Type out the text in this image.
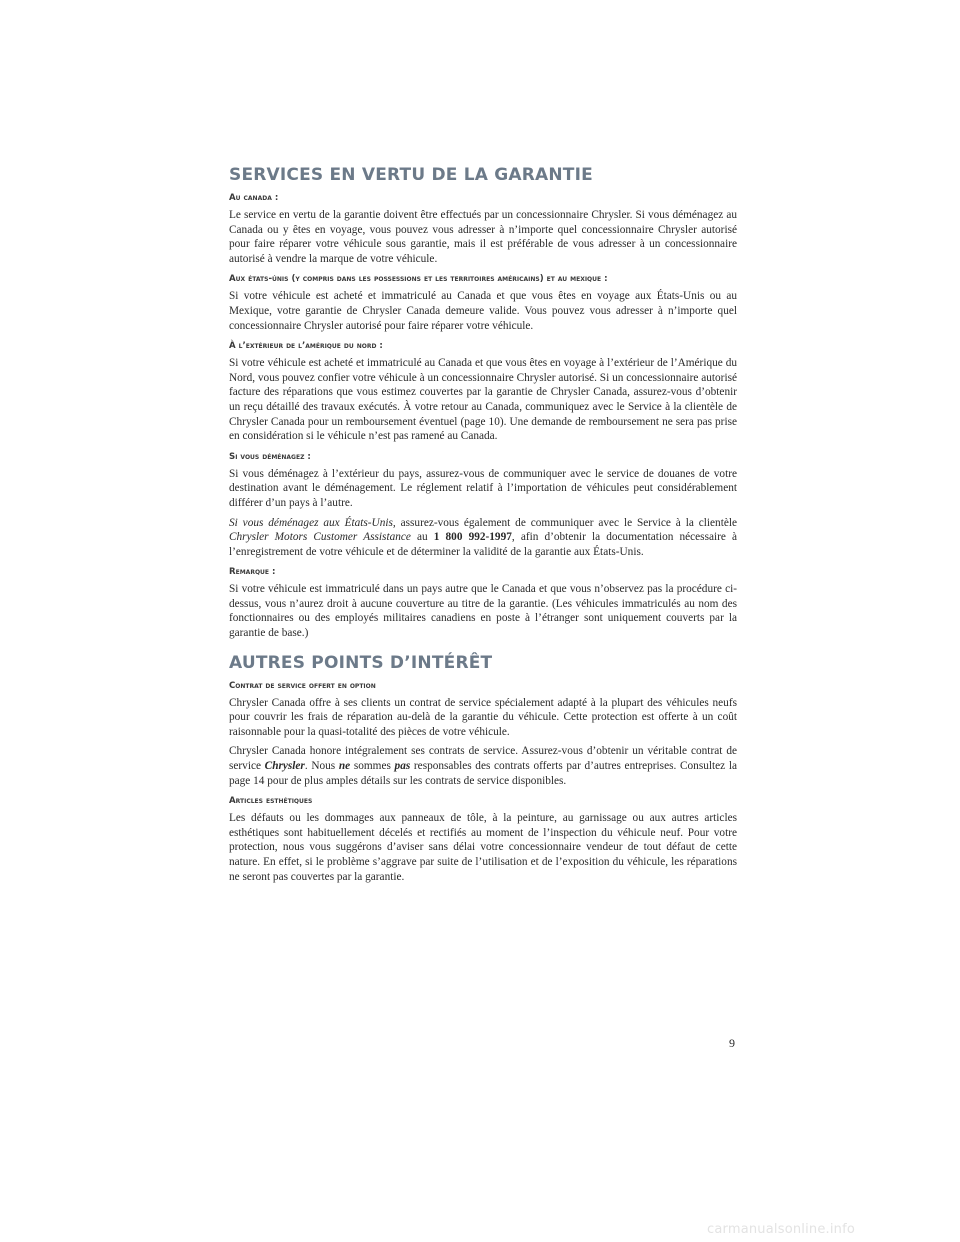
SERVICES EN VERTU DE LA GARANTIE
Au canada :

Le service en vertu de la garantie doivent être effectués par un concessionnaire Chrysler. Si vous déménagez au Canada ou y êtes en voyage, vous pouvez vous adresser à n’importe quel concessionnaire Chrysler autorisé pour faire réparer votre véhicule sous garantie, mais il est préférable de vous adresser à un concessionnaire autorisé à vendre la marque de votre véhicule.

Aux états-únis (y compris dans les possessions et les territoires américains) et au mexique :

Si votre véhicule est acheté et immatriculé au Canada et que vous êtes en voyage aux États-Unis ou au Mexique, votre garantie de Chrysler Canada demeure valide. Vous pouvez vous adresser à n’importe quel concessionnaire Chrysler autorisé pour faire réparer votre véhicule.

À l’extérieur de l’amérique du nord :

Si votre véhicule est acheté et immatriculé au Canada et que vous êtes en voyage à l’extérieur de l’Amérique du Nord, vous pouvez confier votre véhicule à un concessionnaire Chrysler autorisé. Si un concessionnaire autorisé facture des réparations que vous estimez couvertes par la garantie de Chrysler Canada, assurez-vous d’obtenir un reçu détaillé des travaux exécutés. À votre retour au Canada, communiquez avec le Service à la clientèle de Chrysler Canada pour un remboursement éventuel (page 10). Une demande de remboursement ne sera pas prise en considération si le véhicule n’est pas ramené au Canada.

Si vous déménagez :

Si vous déménagez à l’extérieur du pays, assurez-vous de communiquer avec le service de douanes de votre destination avant le déménagement. Le réglement relatif à l’importation de véhicules peut considérablement différer d’un pays à l’autre.

Si vous déménagez aux États-Unis, assurez-vous également de communiquer avec le Service à la clientèle Chrysler Motors Customer Assistance au 1 800 992-1997, afin d’obtenir la documentation nécessaire à l’enregistrement de votre véhicule et de déterminer la validité de la garantie aux États-Unis.

Remarque :

Si votre véhicule est immatriculé dans un pays autre que le Canada et que vous n’observez pas la procédure ci-dessus, vous n’aurez droit à aucune couverture au titre de la garantie. (Les véhicules immatriculés au nom des fonctionnaires ou des employés militaires canadiens en poste à l’étranger sont uniquement couverts par la garantie de base.)

AUTRES POINTS D’INTÉRÊT
Contrat de service offert en option

Chrysler Canada offre à ses clients un contrat de service spécialement adapté à la plupart des véhicules neufs pour couvrir les frais de réparation au-delà de la garantie du véhicule. Cette protection est offerte à un coût raisonnable pour la quasi-totalité des pièces de votre véhicule.

Chrysler Canada honore intégralement ses contrats de service. Assurez-vous d’obtenir un véritable contrat de service Chrysler. Nous ne sommes pas responsables des contrats offerts par d’autres entreprises. Consultez la page 14 pour de plus amples détails sur les contrats de service disponibles.

Articles esthétiques

Les défauts ou les dommages aux panneaux de tôle, à la peinture, au garnissage ou aux autres articles esthétiques sont habituellement décelés et rectifiés au moment de l’inspection du véhicule neuf. Pour votre protection, nous vous suggérons d’aviser sans délai votre concessionnaire vendeur de tout défaut de cette nature. En effet, si le problème s’aggrave par suite de l’utilisation et de l’exposition du véhicule, les réparations ne seront pas couvertes par la garantie.

9
carmanualsonline.info
